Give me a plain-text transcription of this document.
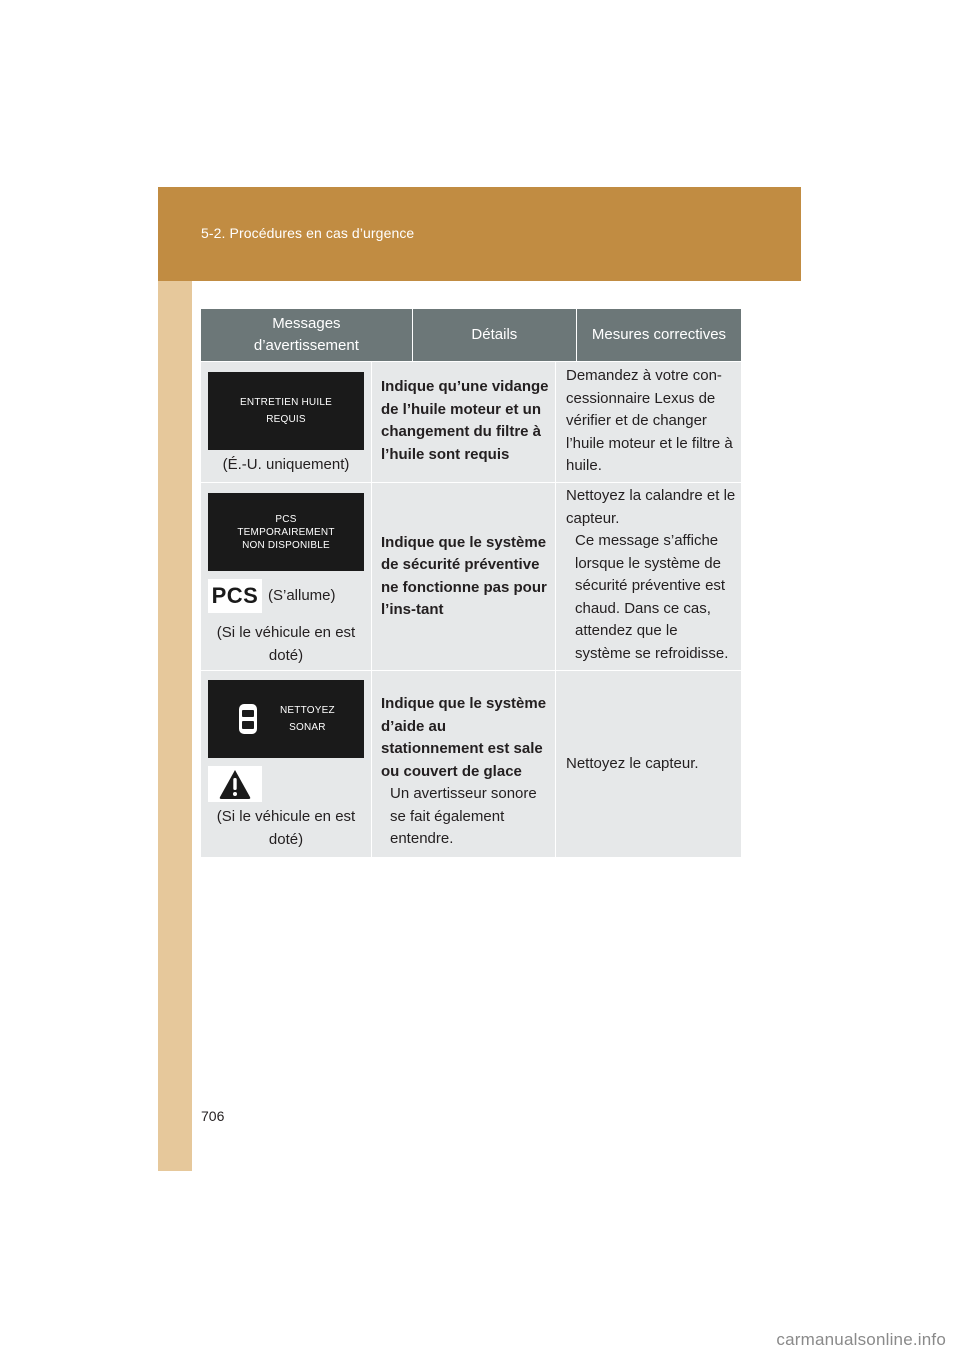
5-2. Procédures en cas d’urgence
Messages d’avertissement
Détails	Mesures correctives
ENTRETIEN HUILE
REQUIS
(É.-U. uniquement)
Indique qu’une vidange de l’huile moteur et un changement du filtre à l’huile sont requis
Demandez à votre con-cessionnaire Lexus de vérifier et de changer l’huile moteur et le filtre à huile.
PCS
TEMPORAIREMENT
NON DISPONIBLE
PCS (S’allume)
(Si le véhicule en est doté)
Indique que le système de sécurité préventive ne fonctionne pas pour l’ins-tant
Nettoyez la calandre et le capteur.
Ce message s’affiche lorsque le système de sécurité préventive est chaud. Dans ce cas, attendez que le système se refroidisse.
NETTOYEZ
SONAR
(Si le véhicule en est doté)
Indique que le système d’aide au stationnement est sale ou couvert de glace
Un avertisseur sonore se fait également entendre.
Nettoyez le capteur.
706
carmanualsonline.info
